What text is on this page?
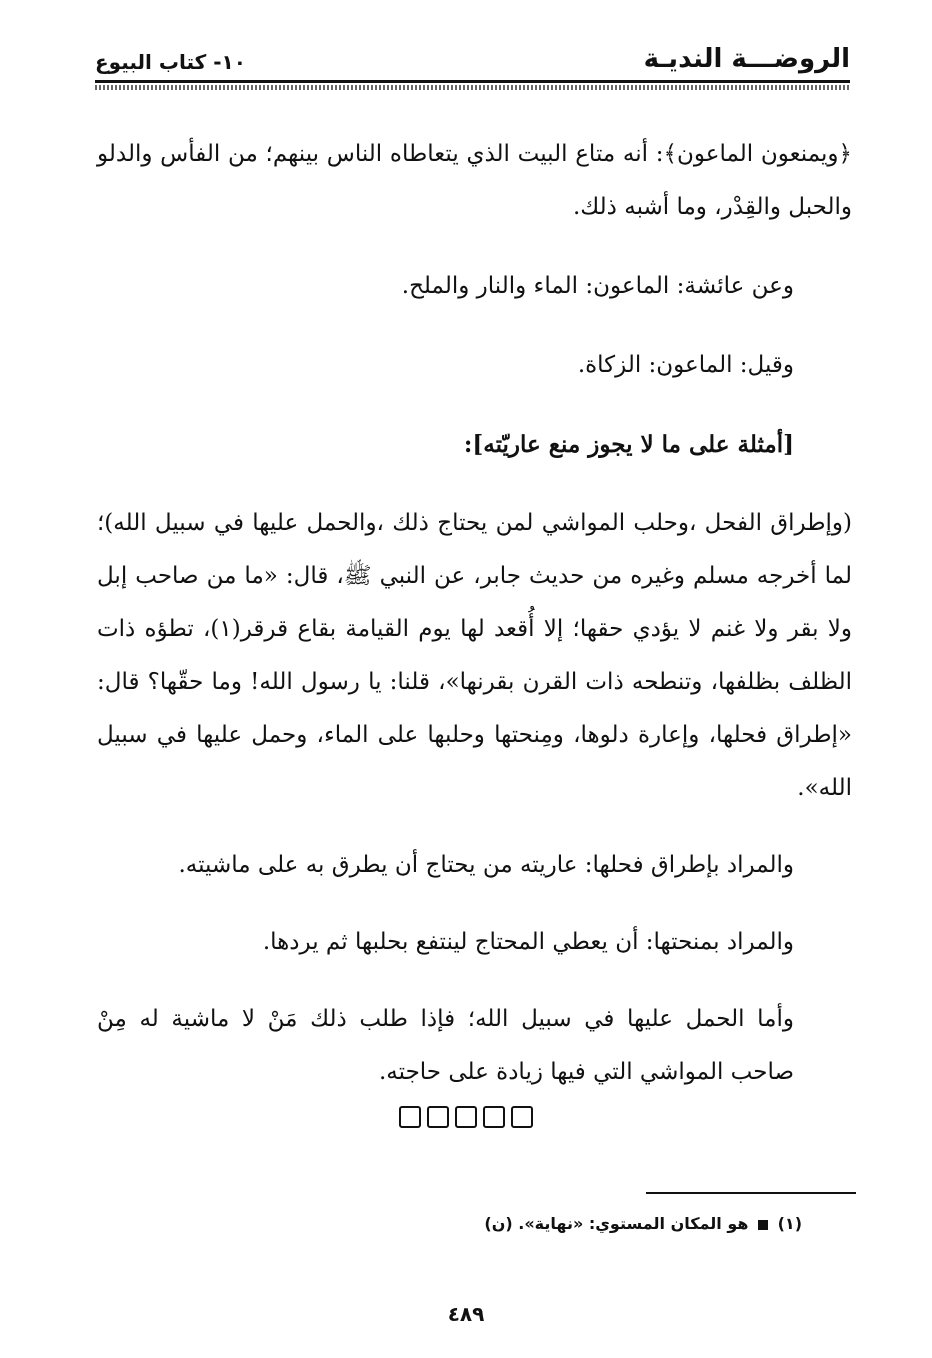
الروضـــة النديـة
١٠- كتاب البيوع

﴿ويمنعون الماعون﴾: أنه متاع البيت الذي يتعاطاه الناس بينهم؛ من الفأس والدلو والحبل والقِدْر، وما أشبه ذلك.

وعن عائشة: الماعون: الماء والنار والملح.

وقيل: الماعون: الزكاة.

[أمثلة على ما لا يجوز منع عاريّته]:

(وإطراق الفحل ،وحلب المواشي لمن يحتاج ذلك ،والحمل عليها في سبيل الله)؛ لما أخرجه مسلم وغيره من حديث جابر، عن النبي ﷺ، قال: «ما من صاحب إبل ولا بقر ولا غنم لا يؤدي حقها؛ إلا أُقعد لها يوم القيامة بقاع قرقر(١)، تطؤه ذات الظلف بظلفها، وتنطحه ذات القرن بقرنها»، قلنا: يا رسول الله! وما حقّها؟ قال: «إطراق فحلها، وإعارة دلوها، ومِنحتها وحلبها على الماء، وحمل عليها في سبيل الله».

والمراد بإطراق فحلها: عاريته من يحتاج أن يطرق به على ماشيته.

والمراد بمنحتها: أن يعطي المحتاج لينتفع بحلبها ثم يردها.

وأما الحمل عليها في سبيل الله؛ فإذا طلب ذلك مَنْ لا ماشية له مِنْ صاحب المواشي التي فيها زيادة على حاجته.

(١)  هو المكان المستوي: «نهاية». (ن)
٤٨٩
